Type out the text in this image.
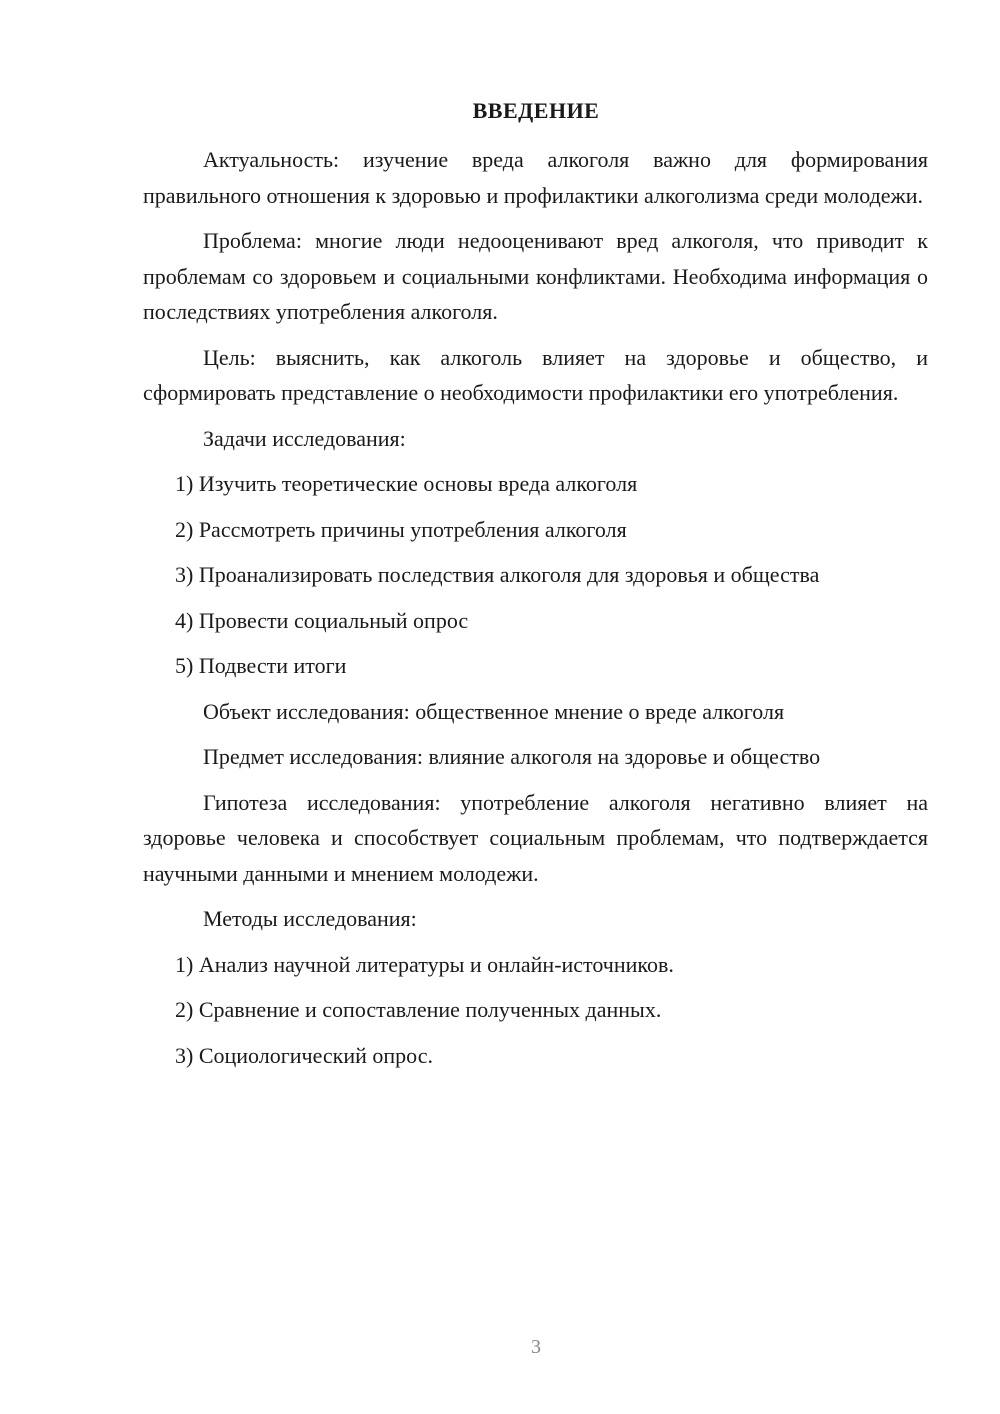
ВВЕДЕНИЕ

Актуальность: изучение вреда алкоголя важно для формирования правильного отношения к здоровью и профилактики алкоголизма среди молодежи.

Проблема: многие люди недооценивают вред алкоголя, что приводит к проблемам со здоровьем и социальными конфликтами. Необходима информация о последствиях употребления алкоголя.

Цель: выяснить, как алкоголь влияет на здоровье и общество, и сформировать представление о необходимости профилактики его употребления.

Задачи исследования:

1) Изучить теоретические основы вреда алкоголя
2) Рассмотреть причины употребления алкоголя
3) Проанализировать последствия алкоголя для здоровья и общества
4) Провести социальный опрос
5) Подвести итоги

Объект исследования: общественное мнение о вреде алкоголя

Предмет исследования: влияние алкоголя на здоровье и общество

Гипотеза исследования: употребление алкоголя негативно влияет на здоровье человека и способствует социальным проблемам, что подтверждается научными данными и мнением молодежи.

Методы исследования:

1) Анализ научной литературы и онлайн-источников.
2) Сравнение и сопоставление полученных данных.
3) Социологический опрос.
3
